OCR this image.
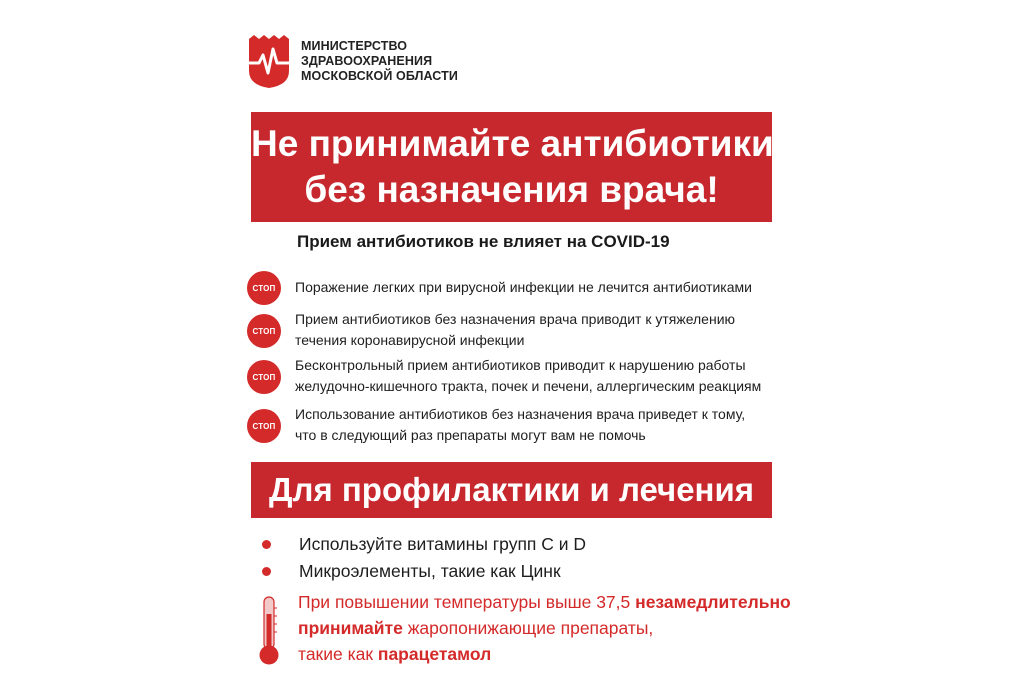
МИНИСТЕРСТВО
ЗДРАВООХРАНЕНИЯ
МОСКОВСКОЙ ОБЛАСТИ
Не принимайте антибиотики
без назначения врача!
Прием антибиотиков не влияет на COVID-19
СТОП	Поражение легких при вирусной инфекции не лечится антибиотиками
СТОП
Прием антибиотиков без назначения врача приводит к утяжелению
течения коронавирусной инфекции
СТОП
Бесконтрольный прием антибиотиков приводит к нарушению работы
желудочно-кишечного тракта, почек и печени, аллергическим реакциям
СТОП
Использование антибиотиков без назначения врача приведет к тому,
что в следующий раз препараты могут вам не помочь
Для профилактики и лечения
Используйте витамины групп С и D
Микроэлементы, такие как Цинк
При повышении температуры выше 37,5 незамедлительно
принимайте жаропонижающие препараты,
такие как парацетамол
